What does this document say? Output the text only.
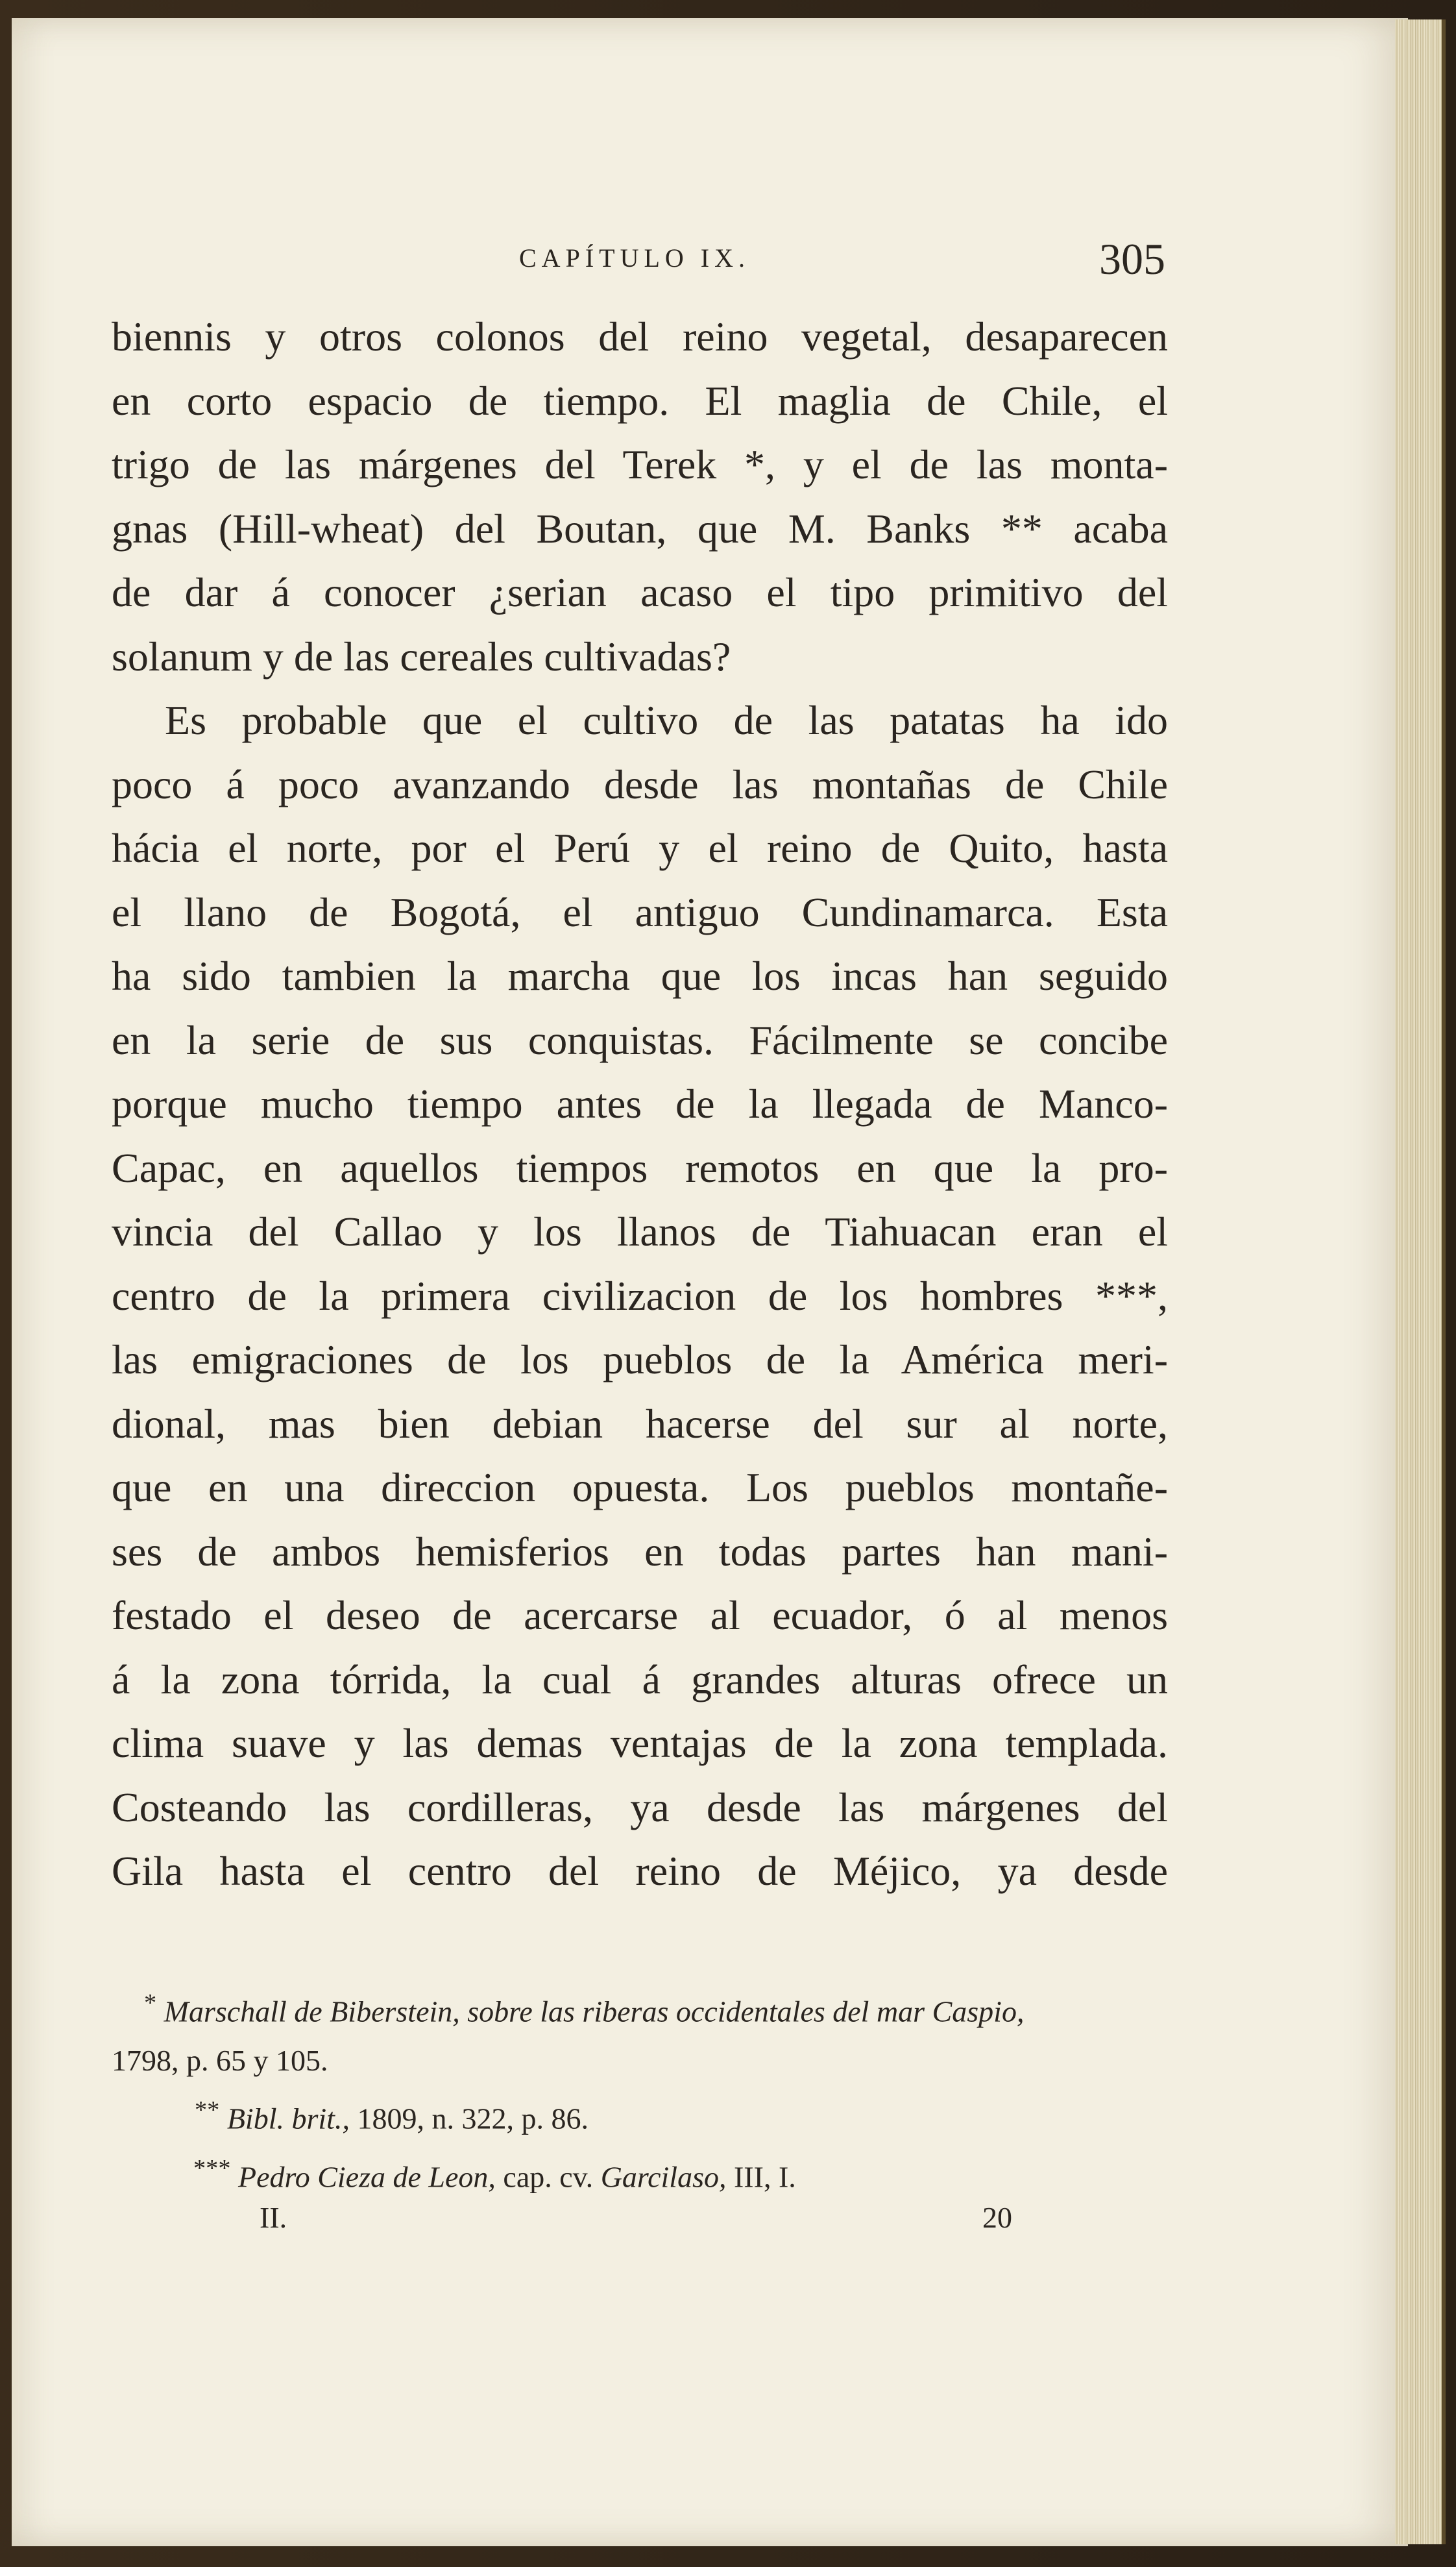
CAPÍTULO IX.	305
biennis y otros colonos del reino vegetal, desaparecen
en corto espacio de tiempo. El maglia de Chile, el
trigo de las márgenes del Terek *, y el de las monta-
gnas (Hill-wheat) del Boutan, que M. Banks ** acaba
de dar á conocer ¿serian acaso el tipo primitivo del
solanum y de las cereales cultivadas?
Es probable que el cultivo de las patatas ha ido
poco á poco avanzando desde las montañas de Chile
hácia el norte, por el Perú y el reino de Quito, hasta
el llano de Bogotá, el antiguo Cundinamarca. Esta
ha sido tambien la marcha que los incas han seguido
en la serie de sus conquistas. Fácilmente se concibe
porque mucho tiempo antes de la llegada de Manco-
Capac, en aquellos tiempos remotos en que la pro-
vincia del Callao y los llanos de Tiahuacan eran el
centro de la primera civilizacion de los hombres ***,
las emigraciones de los pueblos de la América meri-
dional, mas bien debian hacerse del sur al norte,
que en una direccion opuesta. Los pueblos montañe-
ses de ambos hemisferios en todas partes han mani-
festado el deseo de acercarse al ecuador, ó al menos
á la zona tórrida, la cual á grandes alturas ofrece un
clima suave y las demas ventajas de la zona templada.
Costeando las cordilleras, ya desde las márgenes del
Gila hasta el centro del reino de Méjico, ya desde
* Marschall de Biberstein, sobre las riberas occidentales del mar Caspio,
1798, p. 65 y 105.
** Bibl. brit., 1809, n. 322, p. 86.
*** Pedro Cieza de Leon, cap. cv. Garcilaso, III, I.
II.	20
